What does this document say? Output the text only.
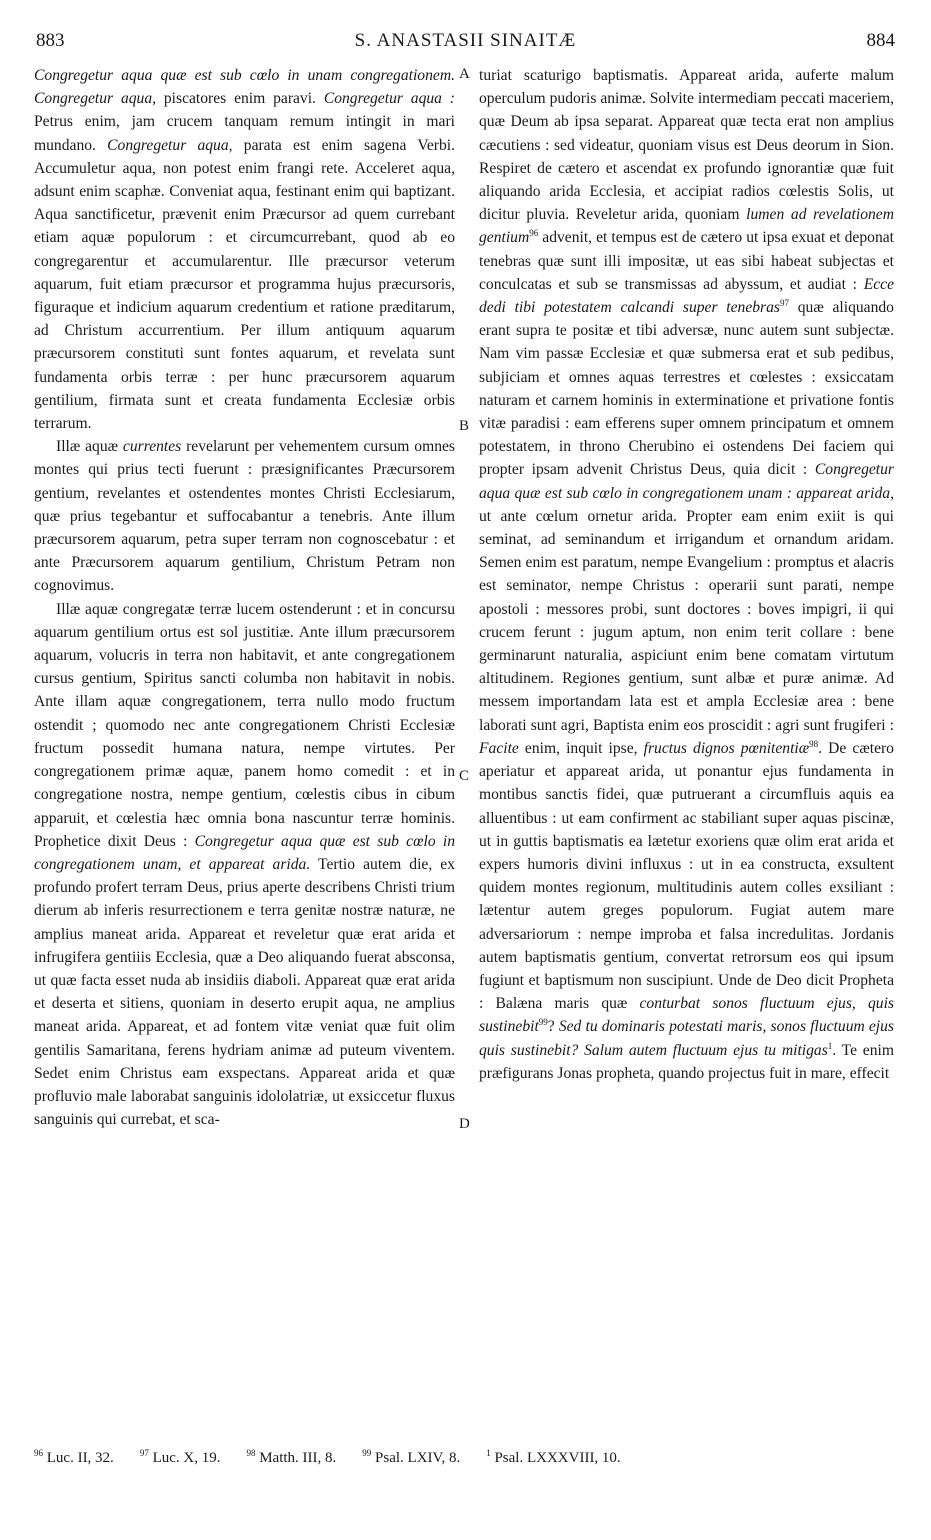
883	S. ANASTASII SINAITÆ	884

Congregetur aqua quæ est sub cœlo in unam congregationem. Congregetur aqua, piscatores enim paravi. Congregetur aqua : Petrus enim, jam crucem tanquam remum intingit in mari mundano. Congregetur aqua, parata est enim sagena Verbi. Accumuletur aqua, non potest enim frangi rete. Acceleret aqua, adsunt enim scaphæ. Conveniat aqua, festinant enim qui baptizant. Aqua sanctificetur, prævenit enim Præcursor ad quem currebant etiam aquæ populorum : et circumcurrebant, quod ab eo congregarentur et accumularentur. Ille præcursor veterum aquarum, fuit etiam præcursor et programma hujus præcursoris, figuraque et indicium aquarum credentium et ratione præditarum, ad Christum accurrentium. Per illum antiquum aquarum præcursorem constituti sunt fontes aquarum, et revelata sunt fundamenta orbis terræ : per hunc præcursorem aquarum gentilium, firmata sunt et creata fundamenta Ecclesiæ orbis terrarum.

Illæ aquæ currentes revelarunt per vehementem cursum omnes montes qui prius tecti fuerunt : præsignificantes Præcursorem gentium, revelantes et ostendentes montes Christi Ecclesiarum, quæ prius tegebantur et suffocabantur a tenebris. Ante illum præcursorem aquarum, petra super terram non cognoscebatur : et ante Præcursorem aquarum gentilium, Christum Petram non cognovimus.

Illæ aquæ congregatæ terræ lucem ostenderunt : et in concursu aquarum gentilium ortus est sol justitiæ. Ante illum præcursorem aquarum, volucris in terra non habitavit, et ante congregationem cursus gentium, Spiritus sancti columba non habitavit in nobis. Ante illam aquæ congregationem, terra nullo modo fructum ostendit ; quomodo nec ante congregationem Christi Ecclesiæ fructum possedit humana natura, nempe virtutes. Per congregationem primæ aquæ, panem homo comedit : et in congregatione nostra, nempe gentium, cœlestis cibus in cibum apparuit, et cœlestia hæc omnia bona nascuntur terræ hominis. Prophetice dixit Deus : Congregetur aqua quæ est sub cœlo in congregationem unam, et appareat arida. Tertio autem die, ex profundo profert terram Deus, prius aperte describens Christi trium dierum ab inferis resurrectionem e terra genitæ nostræ naturæ, ne amplius maneat arida. Appareat et reveletur quæ erat arida et infrugifera gentiiis Ecclesia, quæ a Deo aliquando fuerat absconsa, ut quæ facta esset nuda ab insidiis diaboli. Appareat quæ erat arida et deserta et sitiens, quoniam in deserto erupit aqua, ne amplius maneat arida. Appareat, et ad fontem vitæ veniat quæ fuit olim gentilis Samaritana, ferens hydriam animæ ad puteum viventem. Sedet enim Christus eam exspectans. Appareat arida et quæ profluvio male laborabat sanguinis idololatriæ, ut exsiccetur fluxus sanguinis qui currebat, et sca-

turiat scaturigo baptismatis. Appareat arida, auferte malum operculum pudoris animæ. Solvite intermediam peccati maceriem, quæ Deum ab ipsa separat. Appareat quæ tecta erat non amplius cæcutiens : sed videatur, quoniam visus est Deus deorum in Sion. Respiret de cætero et ascendat ex profundo ignorantiæ quæ fuit aliquando arida Ecclesia, et accipiat radios cœlestis Solis, ut dicitur pluvia. Reveletur arida, quoniam lumen ad revelationem gentium$^{96}$ advenit, et tempus est de cætero ut ipsa exuat et deponat tenebras quæ sunt illi impositæ, ut eas sibi habeat subjectas et conculcatas et sub se transmissas ad abyssum, et audiat : Ecce dedi tibi potestatem calcandi super tenebras$^{97}$ quæ aliquando erant supra te positæ et tibi adversæ, nunc autem sunt subjectæ. Nam vim passæ Ecclesiæ et quæ submersa erat et sub pedibus, subjiciam et omnes aquas terrestres et cœlestes : exsiccatam naturam et carnem hominis in exterminatione et privatione fontis vitæ paradisi : eam efferens super omnem principatum et omnem potestatem, in throno Cherubino ei ostendens Dei faciem qui propter ipsam advenit Christus Deus, quia dicit : Congregetur aqua quæ est sub cœlo in congregationem unam : appareat arida, ut ante cœlum ornetur arida. Propter eam enim exiit is qui seminat, ad seminandum et irrigandum et ornandum aridam. Semen enim est paratum, nempe Evangelium : promptus et alacris est seminator, nempe Christus : operarii sunt parati, nempe apostoli : messores probi, sunt doctores : boves impigri, ii qui crucem ferunt : jugum aptum, non enim terit collare : bene germinarunt naturalia, aspiciunt enim bene comatam virtutum altitudinem. Regiones gentium, sunt albæ et puræ animæ. Ad messem importandam lata est et ampla Ecclesiæ area : bene laborati sunt agri, Baptista enim eos proscidit : agri sunt frugiferi : Facite enim, inquit ipse, fructus dignos pœnitentiæ$^{98}$. De cætero aperiatur et appareat arida, ut ponantur ejus fundamenta in montibus sanctis fidei, quæ putruerant a circumfluis aquis ea alluentibus : ut eam confirment ac stabiliant super aquas piscinæ, ut in guttis baptismatis ea lætetur exoriens quæ olim erat arida et expers humoris divini influxus : ut in ea constructa, exsultent quidem montes regionum, multitudinis autem colles exsiliant : lætentur autem greges populorum. Fugiat autem mare adversariorum : nempe improba et falsa incredulitas. Jordanis autem baptismatis gentium, convertat retrorsum eos qui ipsum fugiunt et baptismum non suscipiunt. Unde de Deo dicit Propheta : Balæna maris quæ conturbat sonos fluctuum ejus, quis sustinebit$^{99}$? Sed tu dominaris potestati maris, sonos fluctuum ejus quis sustinebit? Salum autem fluctuum ejus tu mitigas$^1$. Te enim præfigurans Jonas propheta, quando projectus fuit in mare, effecit

A
B
C
D
$^{96}$ Luc. II, 32.	$^{97}$ Luc. X, 19.	$^{98}$ Matth. III, 8.	$^{99}$ Psal. LXIV, 8.	$^1$ Psal. LXXXVIII, 10.
